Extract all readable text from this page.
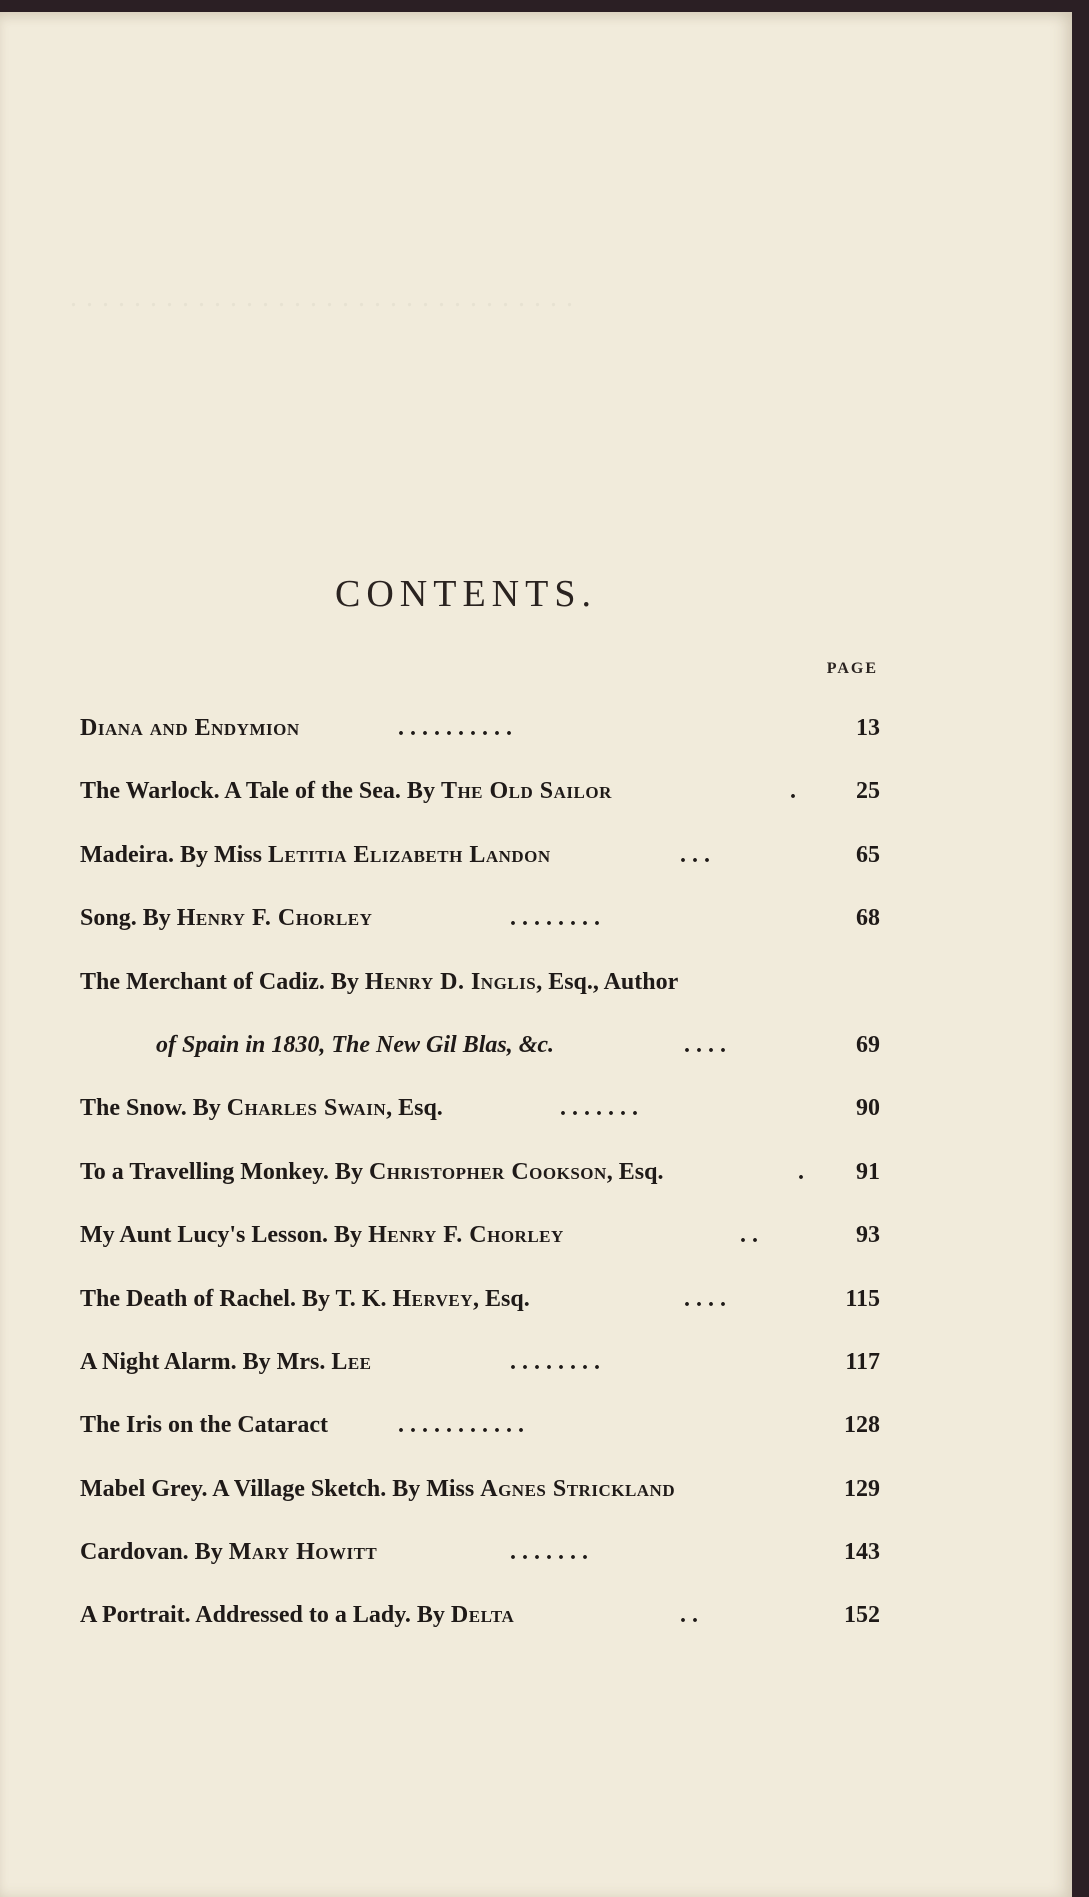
. . . . . . . . . . . . . . . . . . . . . . . . . . . . . . . .
CONTENTS.
PAGE
Diana and Endymion	. . . . . . . . . .	13
The Warlock. A Tale of the Sea. By The Old Sailor	.	25
Madeira. By Miss Letitia Elizabeth Landon	. . .	65
Song. By Henry F. Chorley	. . . . . . . .	68
The Merchant of Cadiz. By Henry D. Inglis, Esq., Author
of Spain in 1830, The New Gil Blas, &c.	. . . .	69
The Snow. By Charles Swain, Esq.	. . . . . . .	90
To a Travelling Monkey. By Christopher Cookson, Esq.	.	91
My Aunt Lucy's Lesson. By Henry F. Chorley	. .	93
The Death of Rachel. By T. K. Hervey, Esq.	. . . .	115
A Night Alarm. By Mrs. Lee	. . . . . . . .	117
The Iris on the Cataract	. . . . . . . . . . .	128
Mabel Grey. A Village Sketch. By Miss Agnes Strickland	129
Cardovan. By Mary Howitt	. . . . . . .	143
A Portrait. Addressed to a Lady. By Delta	. .	152
